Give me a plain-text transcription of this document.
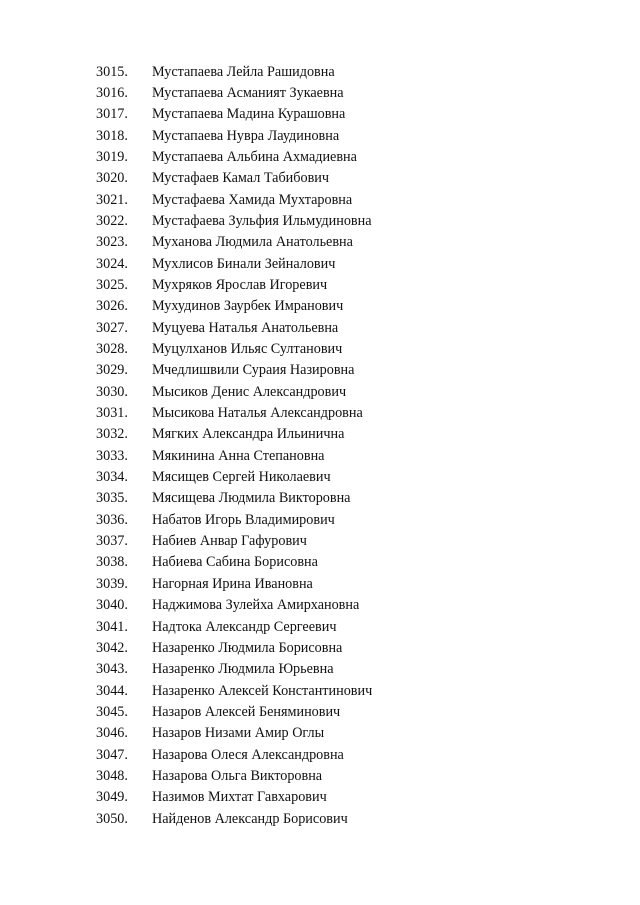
3015.	Мустапаева Лейла Рашидовна
3016.	Мустапаева Асманият Зукаевна
3017.	Мустапаева Мадина Курашовна
3018.	Мустапаева Нувра Лаудиновна
3019.	Мустапаева Альбина Ахмадиевна
3020.	Мустафаев Камал Табибович
3021.	Мустафаева Хамида Мухтаровна
3022.	Мустафаева Зульфия Ильмудиновна
3023.	Муханова Людмила Анатольевна
3024.	Мухлисов Бинали Зейналович
3025.	Мухряков Ярослав Игоревич
3026.	Мухудинов Заурбек Имранович
3027.	Муцуева Наталья Анатольевна
3028.	Муцулханов Ильяс Султанович
3029.	Мчедлишвили Сураия Назировна
3030.	Мысиков Денис Александрович
3031.	Мысикова Наталья Александровна
3032.	Мягких Александра Ильинична
3033.	Мякинина Анна Степановна
3034.	Мясищев Сергей Николаевич
3035.	Мясищева Людмила Викторовна
3036.	Набатов Игорь Владимирович
3037.	Набиев Анвар Гафурович
3038.	Набиева Сабина Борисовна
3039.	Нагорная Ирина Ивановна
3040.	Наджимова Зулейха Амирхановна
3041.	Надтока Александр Сергеевич
3042.	Назаренко Людмила Борисовна
3043.	Назаренко Людмила Юрьевна
3044.	Назаренко Алексей Константинович
3045.	Назаров Алексей Беняминович
3046.	Назаров Низами Амир Оглы
3047.	Назарова Олеся Александровна
3048.	Назарова Ольга Викторовна
3049.	Назимов Михтат Гавхарович
3050.	Найденов Александр Борисович
